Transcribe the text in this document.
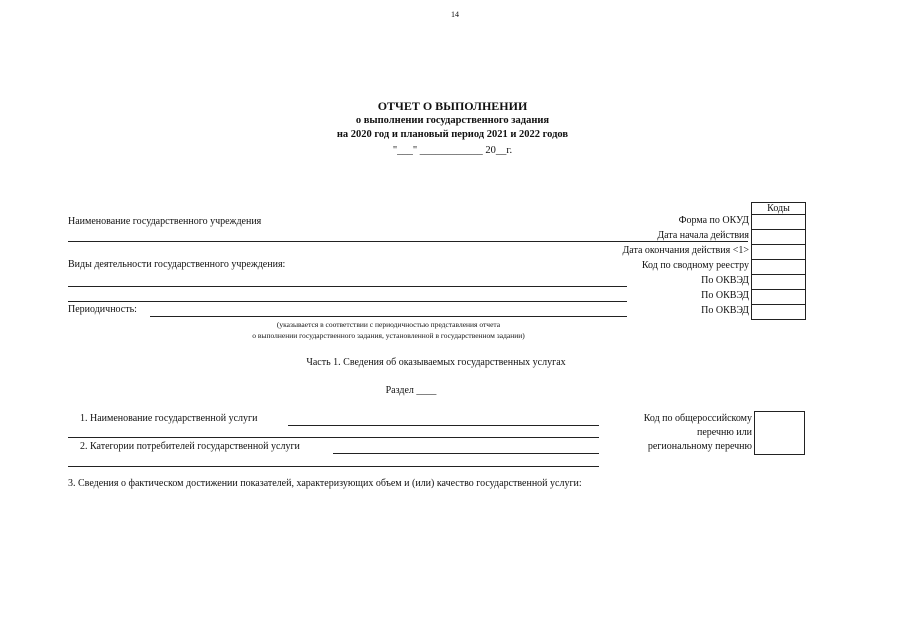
14
ОТЧЕТ О ВЫПОЛНЕНИИ
о выполнении государственного задания
на 2020 год и плановый период 2021 и 2022 годов
"___" ____________ 20__г.
Коды
Форма по ОКУД
Дата начала действия
Дата окончания действия <1>
Код по сводному реестру
По ОКВЭД
По ОКВЭД
По ОКВЭД
Наименование государственного учреждения
Виды деятельности государственного учреждения:
Периодичность:
(указывается в соответствии с периодичностью представления отчета
о выполнении государственного задания, установленной в государственном задании)
Часть 1. Сведения об оказываемых государственных услугах
Раздел ____
1. Наименование государственной услуги
2. Категории потребителей государственной услуги
Код по общероссийскому
перечню или
региональному перечню
3. Сведения о фактическом достижении показателей, характеризующих объем и (или) качество государственной услуги:
